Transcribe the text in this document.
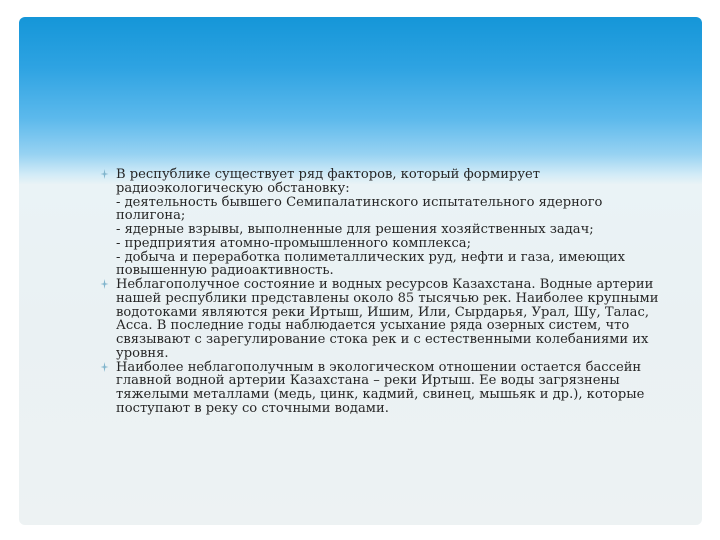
В республике существует ряд факторов, который формирует
радиоэкологическую обстановку:
- деятельность бывшего Семипалатинского испытательного ядерного
полигона;
- ядерные взрывы, выполненные для решения хозяйственных задач;
- предприятия атомно-промышленного комплекса;
- добыча и переработка полиметаллических руд, нефти и газа, имеющих
повышенную радиоактивность.
Неблагополучное состояние и водных ресурсов Казахстана. Водные артерии
нашей республики представлены около 85 тысячью рек. Наиболее крупными
водотоками являются реки Иртыш, Ишим, Или, Сырдарья, Урал, Шу, Талас,
Асса. В последние годы наблюдается усыхание ряда озерных систем, что
связывают с зарегулирование стока рек и с естественными колебаниями их
уровня.
Наиболее неблагополучным в экологическом отношении остается бассейн
главной водной артерии Казахстана – реки Иртыш. Ее воды загрязнены
тяжелыми металлами (медь, цинк, кадмий, свинец, мышьяк и др.), которые
поступают в реку со сточными водами.
